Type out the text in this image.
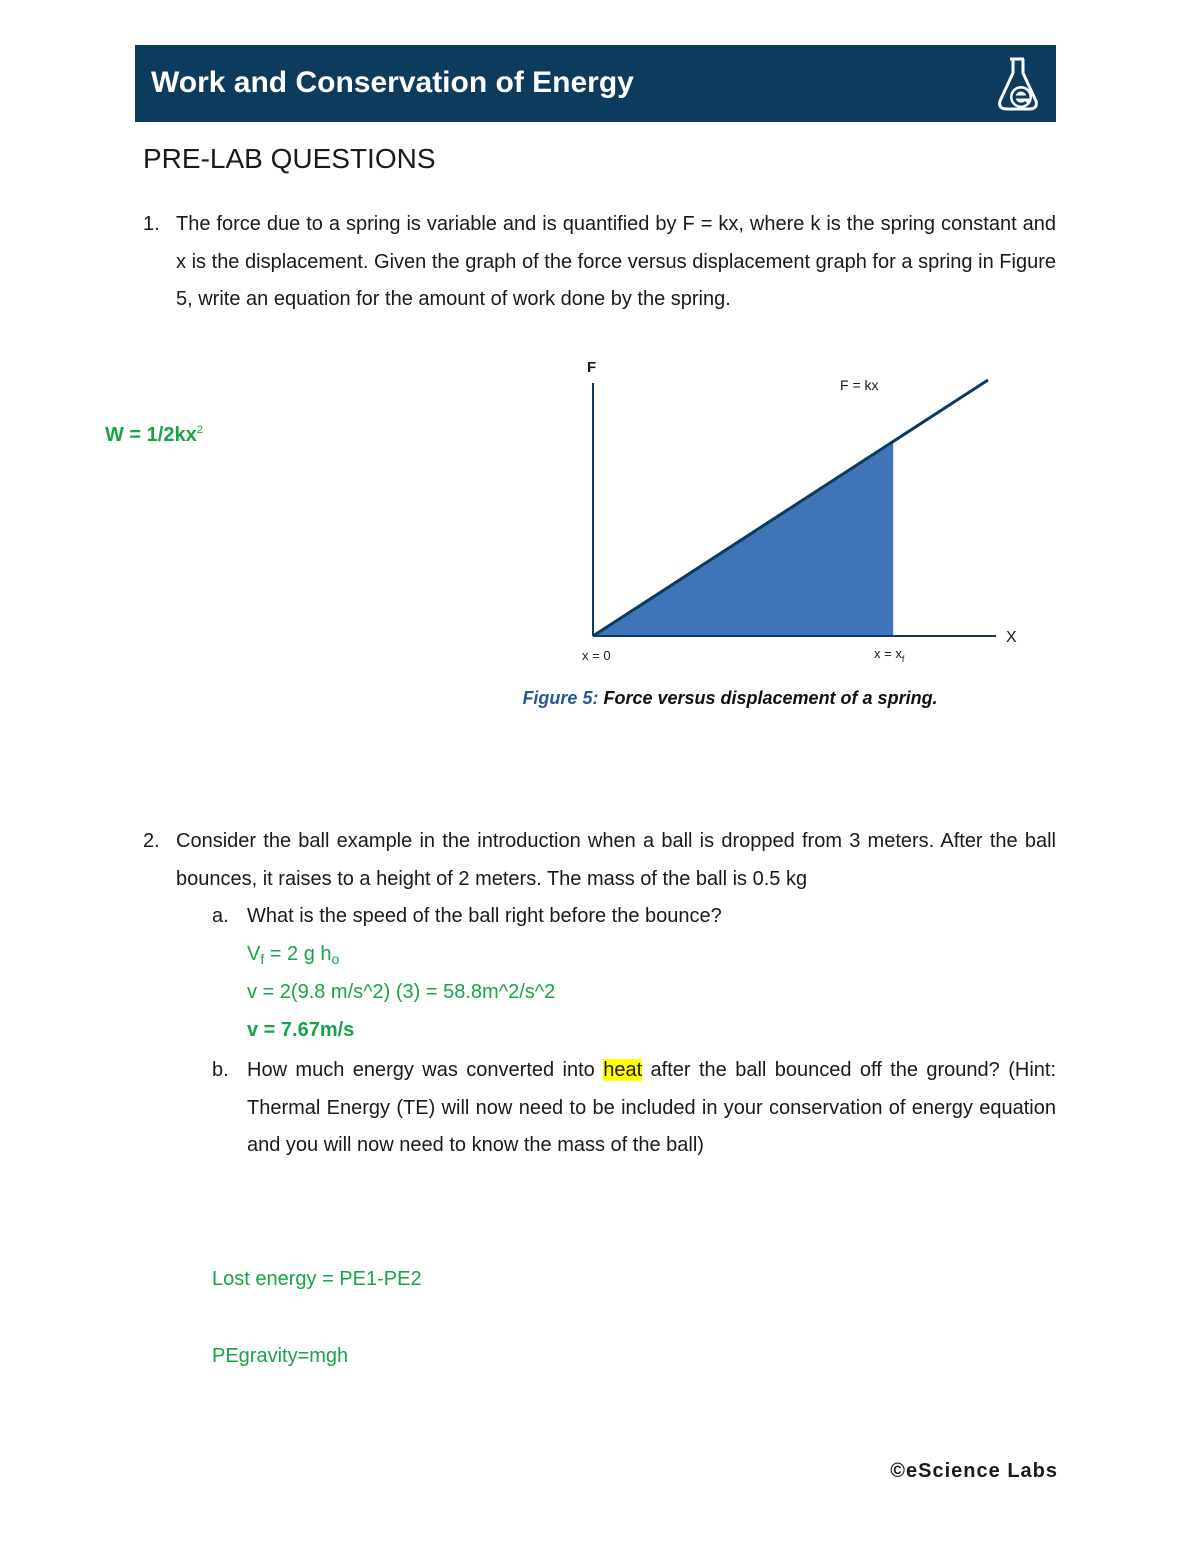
Work and Conservation of Energy
PRE-LAB QUESTIONS
1. The force due to a spring is variable and is quantified by F = kx, where k is the spring constant and x is the displacement. Given the graph of the force versus displacement graph for a spring in Figure 5, write an equation for the amount of work done by the spring.
$W = 1/2kx^2$
F
X
F = kx
x = 0	$x = x_f$
Figure 5: Force versus displacement of a spring.
2. Consider the ball example in the introduction when a ball is dropped from 3 meters. After the ball bounces, it raises to a height of 2 meters. The mass of the ball is 0.5 kg
a. What is the speed of the ball right before the bounce?
$V_f = 2$ g $h_o$
v = 2(9.8 m/s^2) (3) = 58.8m^2/s^2
v = 7.67m/s
b. How much energy was converted into heat after the ball bounced off the ground? (Hint: Thermal Energy (TE) will now need to be included in your conservation of energy equation and you will now need to know the mass of the ball)
Lost energy = PE1-PE2
PEgravity=mgh
©eScience Labs
